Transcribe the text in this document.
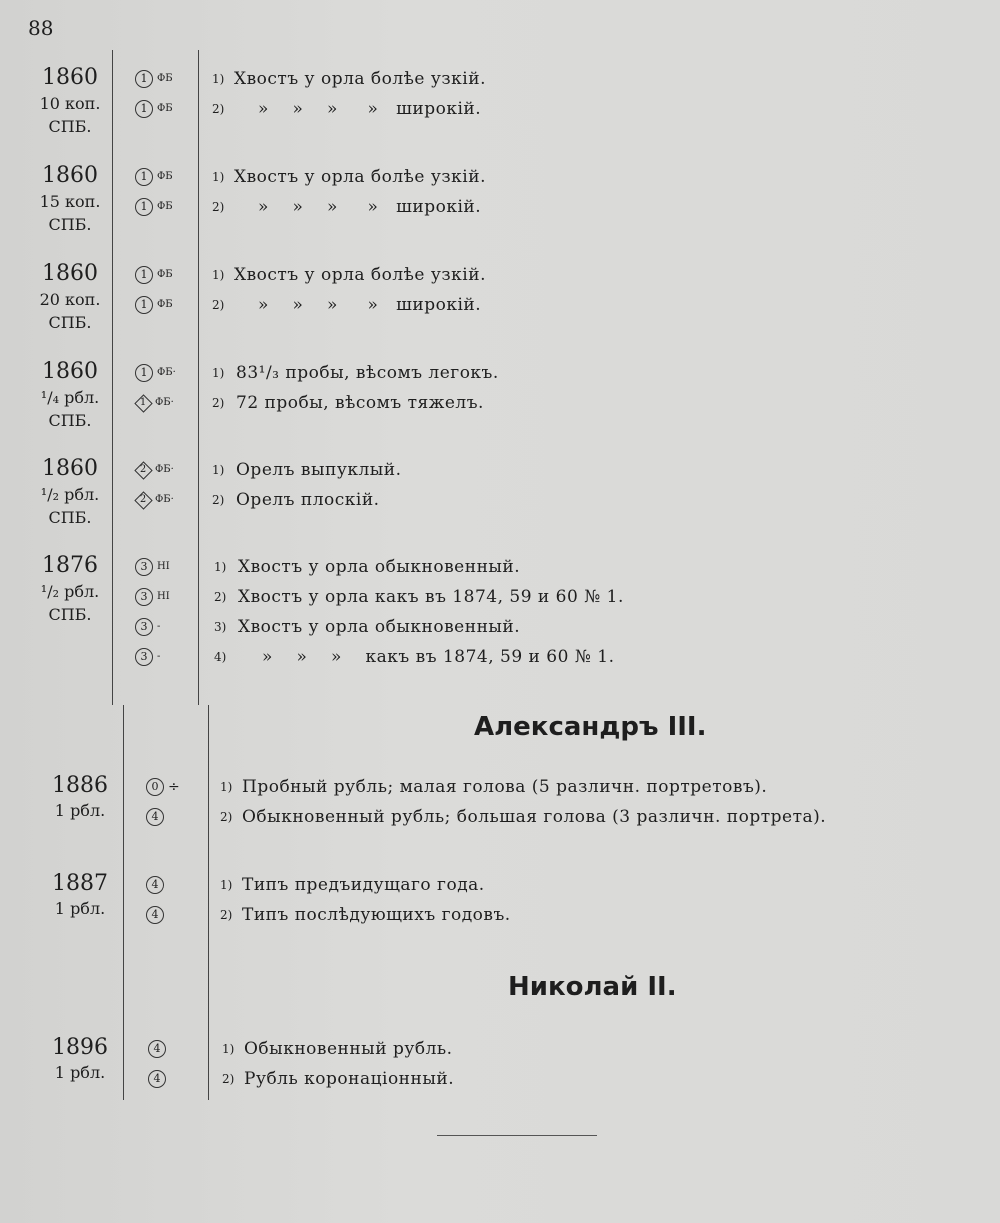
88
1860
10 коп.
СПБ.
1 ФБ	1) Хвостъ у орла болѣе узкій.
1 ФБ	2) »    »    »     »   широкій.
1860
15 коп.
СПБ.
1 ФБ	1) Хвостъ у орла болѣе узкій.
1 ФБ	2) »    »    »     »   широкій.
1860
20 коп.
СПБ.
1 ФБ	1) Хвостъ у орла болѣе узкій.
1 ФБ	2) »    »    »     »   широкій.
1860
¹/₄ рбл.
СПБ.
1 ФБ·	1) 83¹/₃ пробы, вѣсомъ легокъ.
1 ФБ·	2) 72 пробы, вѣсомъ тяжелъ.
1860
¹/₂ рбл.
СПБ.
2 ФБ·	1) Орелъ выпуклый.
2 ФБ·	2) Орелъ плоскій.
1876
¹/₂ рбл.
СПБ.
3 НI	1) Хвостъ у орла обыкновенный.
3 НI	2) Хвостъ у орла какъ въ 1874, 59 и 60 № 1.
3 -	3) Хвостъ у орла обыкновенный.
3 -	4) »    »    »    какъ въ 1874, 59 и 60 № 1.
Александръ III.
1886
1 рбл.
0 ÷	1) Пробный рубль; малая голова (5 различн. портретовъ).
4	2) Обыкновенный рубль; большая голова (3 различн. портрета).
1887
1 рбл.
4	1) Типъ предъидущаго года.
4	2) Типъ послѣдующихъ годовъ.
Николай II.
1896
1 рбл.
4	1) Обыкновенный рубль.
4	2) Рубль коронаціонный.
